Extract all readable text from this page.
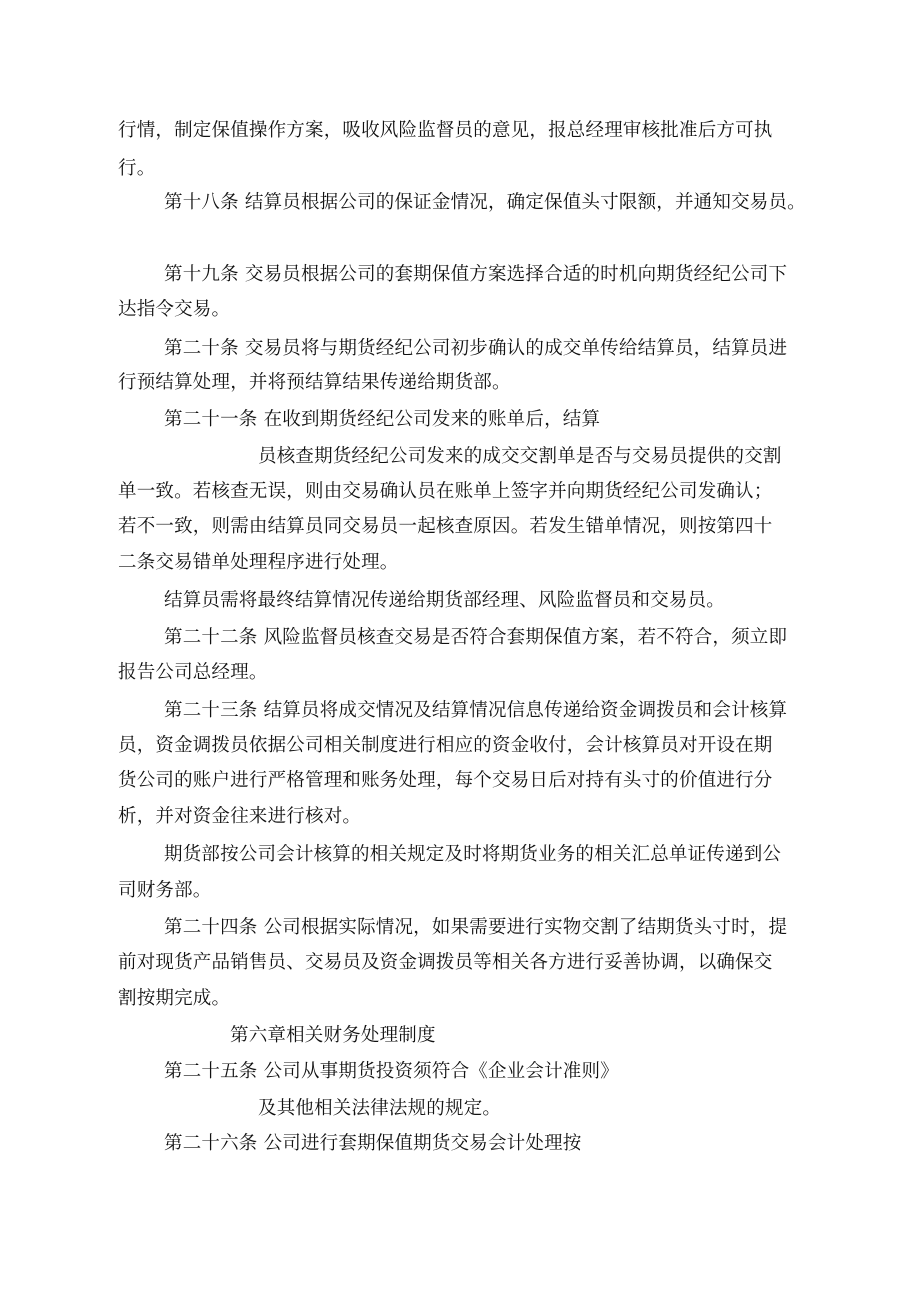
行情，制定保值操作方案，吸收风险监督员的意见，报总经理审核批准后方可执
行。
第十八条 结算员根据公司的保证金情况，确定保值头寸限额，并通知交易员。
第十九条 交易员根据公司的套期保值方案选择合适的时机向期货经纪公司下
达指令交易。
第二十条 交易员将与期货经纪公司初步确认的成交单传给结算员，结算员进
行预结算处理，并将预结算结果传递给期货部。
第二十一条 在收到期货经纪公司发来的账单后，结算
员核查期货经纪公司发来的成交交割单是否与交易员提供的交割
单一致。若核查无误，则由交易确认员在账单上签字并向期货经纪公司发确认；
若不一致，则需由结算员同交易员一起核查原因。若发生错单情况，则按第四十
二条交易错单处理程序进行处理。
结算员需将最终结算情况传递给期货部经理、风险监督员和交易员。
第二十二条 风险监督员核查交易是否符合套期保值方案，若不符合，须立即
报告公司总经理。
第二十三条 结算员将成交情况及结算情况信息传递给资金调拨员和会计核算
员，资金调拨员依据公司相关制度进行相应的资金收付，会计核算员对开设在期
货公司的账户进行严格管理和账务处理，每个交易日后对持有头寸的价值进行分
析，并对资金往来进行核对。
期货部按公司会计核算的相关规定及时将期货业务的相关汇总单证传递到公
司财务部。
第二十四条 公司根据实际情况，如果需要进行实物交割了结期货头寸时，提
前对现货产品销售员、交易员及资金调拨员等相关各方进行妥善协调，以确保交
割按期完成。
第六章相关财务处理制度
第二十五条 公司从事期货投资须符合《企业会计准则》
及其他相关法律法规的规定。
第二十六条 公司进行套期保值期货交易会计处理按
